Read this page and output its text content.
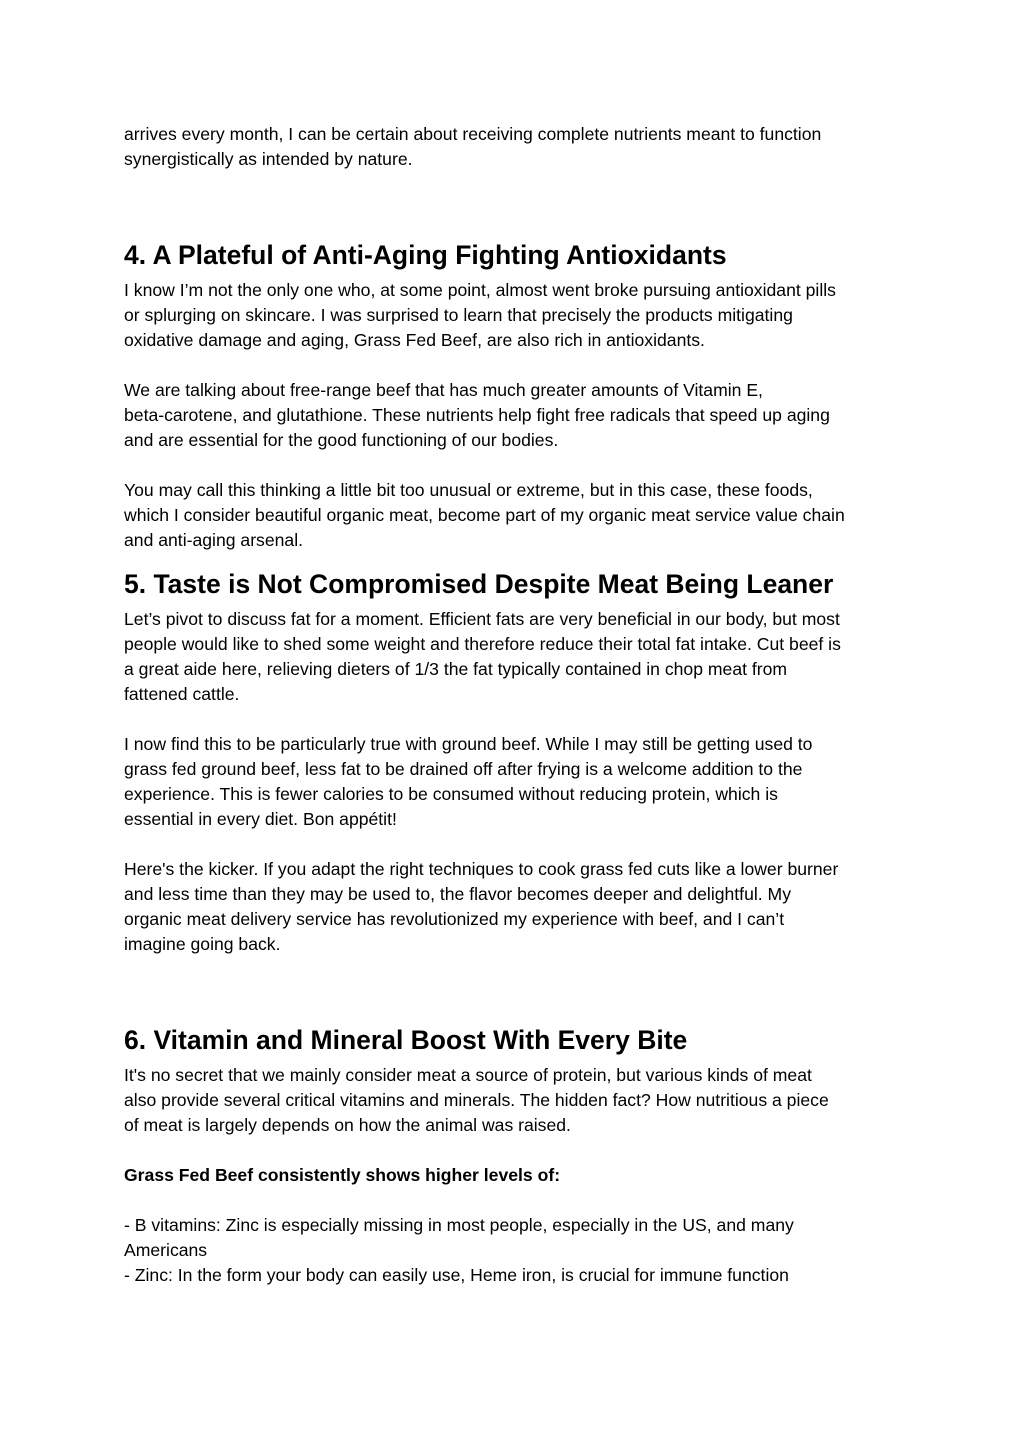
arrives every month, I can be certain about receiving complete nutrients meant to function
synergistically as intended by nature.

4. A Plateful of Anti-Aging Fighting Antioxidants

I know I’m not the only one who, at some point, almost went broke pursuing antioxidant pills
or splurging on skincare. I was surprised to learn that precisely the products mitigating
oxidative damage and aging, Grass Fed Beef, are also rich in antioxidants.

We are talking about free-range beef that has much greater amounts of Vitamin E,
beta-carotene, and glutathione. These nutrients help fight free radicals that speed up aging
and are essential for the good functioning of our bodies.

You may call this thinking a little bit too unusual or extreme, but in this case, these foods,
which I consider beautiful organic meat, become part of my organic meat service value chain
and anti-aging arsenal.

5. Taste is Not Compromised Despite Meat Being Leaner

Let’s pivot to discuss fat for a moment. Efficient fats are very beneficial in our body, but most
people would like to shed some weight and therefore reduce their total fat intake. Cut beef is
a great aide here, relieving dieters of 1/3 the fat typically contained in chop meat from
fattened cattle.

I now find this to be particularly true with ground beef. While I may still be getting used to
grass fed ground beef, less fat to be drained off after frying is a welcome addition to the
experience. This is fewer calories to be consumed without reducing protein, which is
essential in every diet. Bon appétit!

Here's the kicker. If you adapt the right techniques to cook grass fed cuts like a lower burner
and less time than they may be used to, the flavor becomes deeper and delightful. My
organic meat delivery service has revolutionized my experience with beef, and I can’t
imagine going back.

6. Vitamin and Mineral Boost With Every Bite

It's no secret that we mainly consider meat a source of protein, but various kinds of meat
also provide several critical vitamins and minerals. The hidden fact? How nutritious a piece
of meat is largely depends on how the animal was raised.

Grass Fed Beef consistently shows higher levels of:

- B vitamins: Zinc is especially missing in most people, especially in the US, and many
Americans

- Zinc: In the form your body can easily use, Heme iron, is crucial for immune function
